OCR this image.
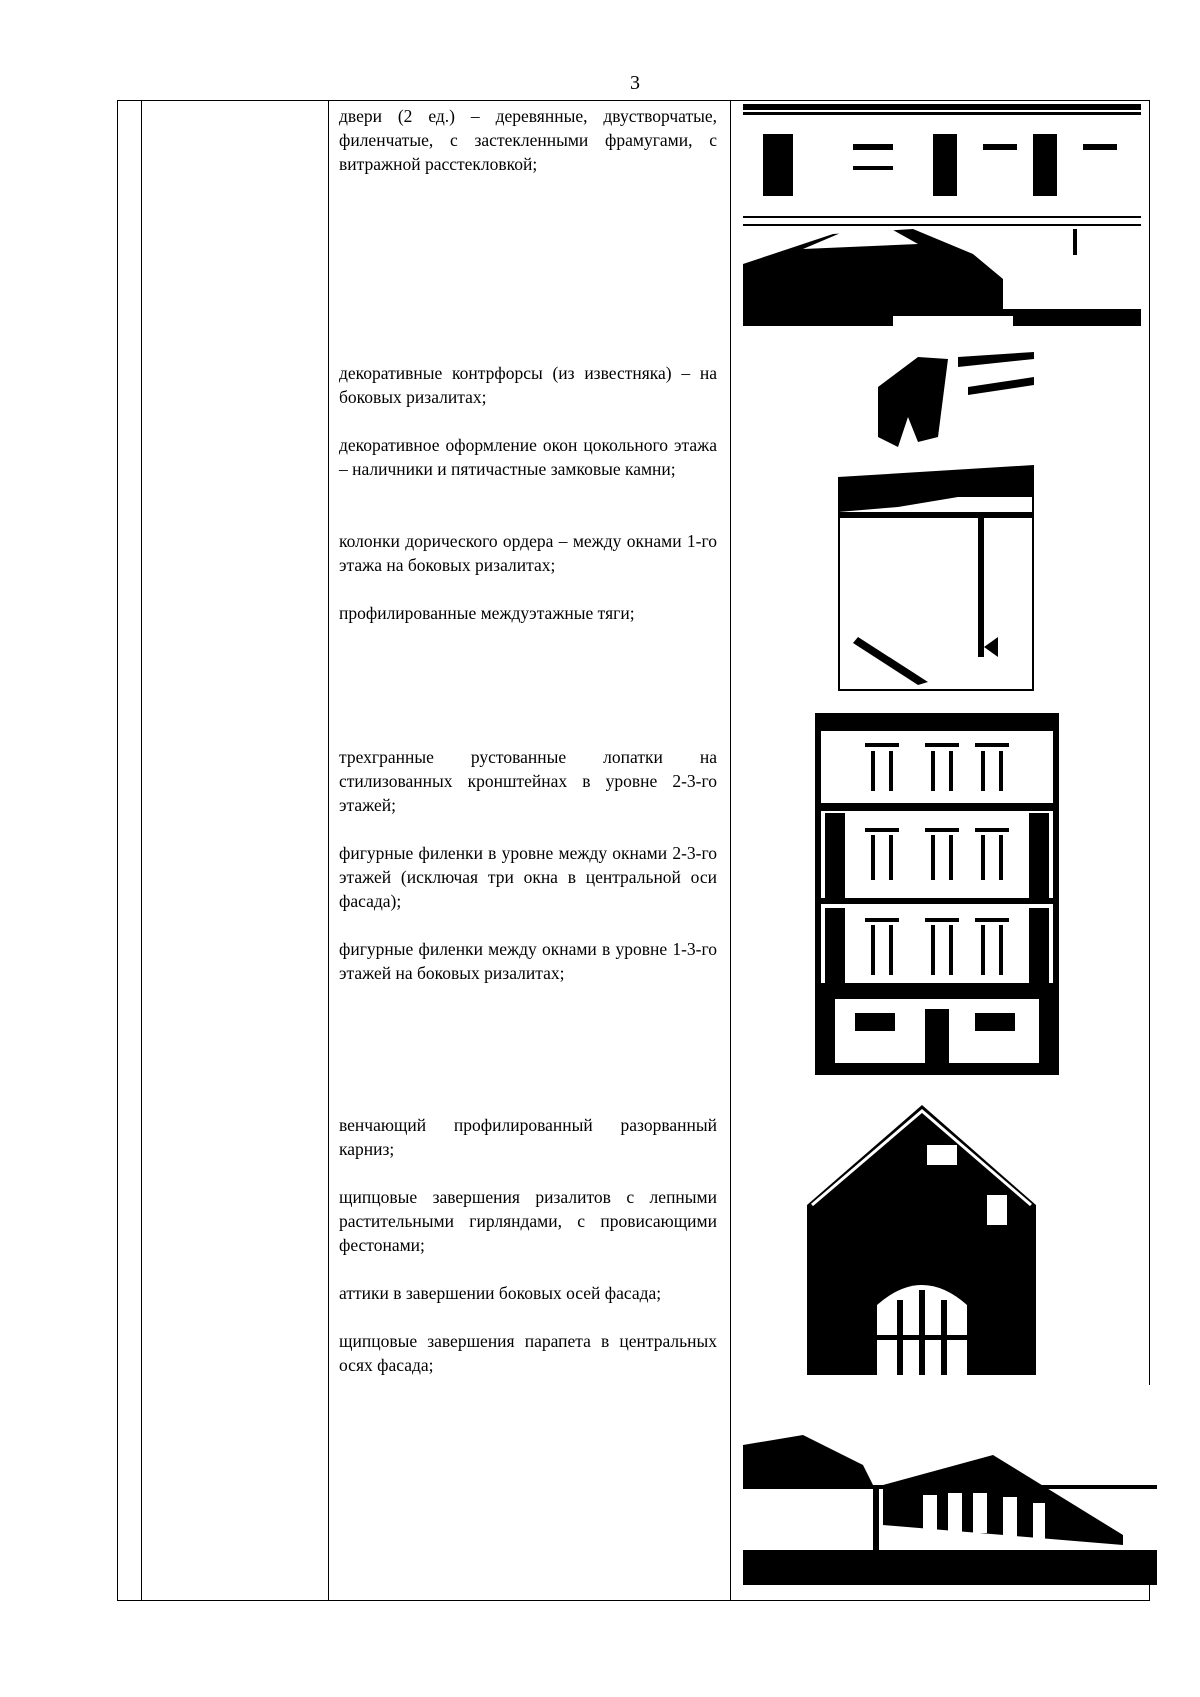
3

двери (2 ед.) – деревянные, двустворчатые, филенчатые, с застекленными фрамугами, с витражной расстекловкой;

декоративные контрфорсы (из известняка) – на боковых ризалитах;

декоративное оформление окон цокольного этажа – наличники и пятичастные замковые камни;

колонки дорического ордера – между окнами 1-го этажа на боковых ризалитах;

профилированные междуэтажные тяги;

трехгранные рустованные лопатки на стилизованных кронштейнах в уровне 2-3-го этажей;

фигурные филенки в уровне между окнами 2-3-го этажей (исключая три окна в центральной оси фасада);

фигурные филенки между окнами в уровне 1-3-го этажей на боковых ризалитах;

венчающий профилированный разорванный карниз;

щипцовые завершения ризалитов с лепными растительными гирляндами, с провисающими фестонами;

аттики в завершении боковых осей фасада;

щипцовые завершения парапета в центральных осях фасада;
